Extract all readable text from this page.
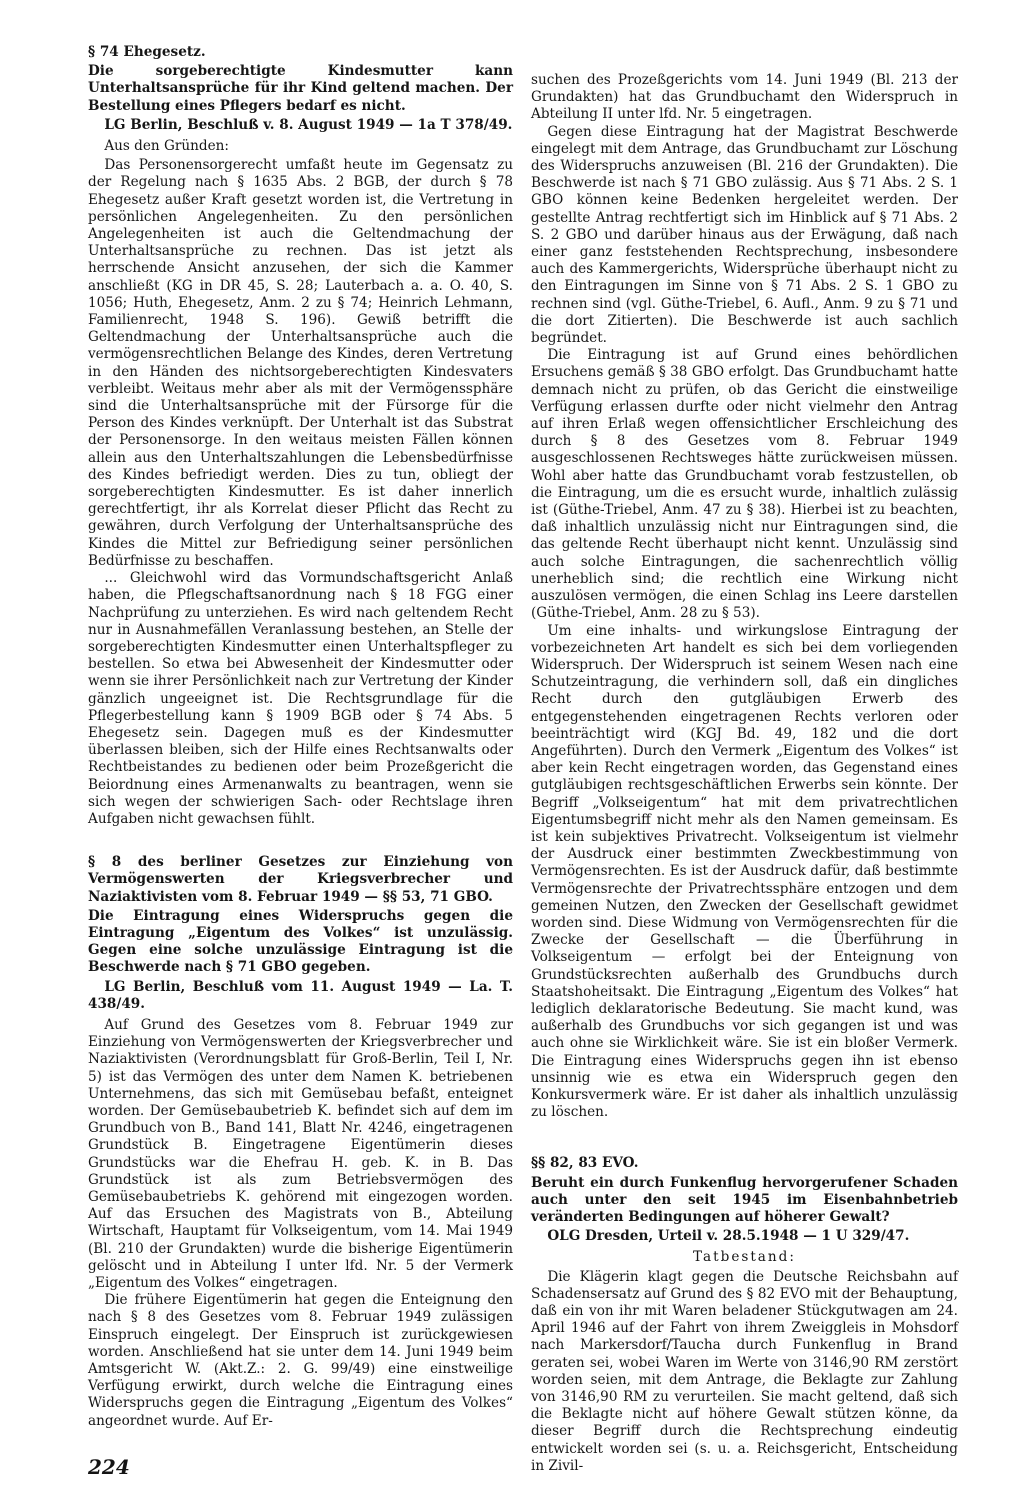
§ 74 Ehegesetz.

Die sorgeberechtigte Kindesmutter kann Unterhaltsansprüche für ihr Kind geltend machen. Der Bestellung eines Pflegers bedarf es nicht.

LG Berlin, Beschluß v. 8. August 1949 — 1a T 378/49.

Aus den Gründen:

Das Personensorgerecht umfaßt heute im Gegensatz zu der Regelung nach § 1635 Abs. 2 BGB, der durch § 78 Ehegesetz außer Kraft gesetzt worden ist, die Vertretung in persönlichen Angelegenheiten. Zu den persönlichen Angelegenheiten ist auch die Geltendmachung der Unterhaltsansprüche zu rechnen. Das ist jetzt als herrschende Ansicht anzusehen, der sich die Kammer anschließt (KG in DR 45, S. 28; Lauterbach a. a. O. 40, S. 1056; Huth, Ehegesetz, Anm. 2 zu § 74; Heinrich Lehmann, Familienrecht, 1948 S. 196). Gewiß betrifft die Geltendmachung der Unterhaltsansprüche auch die vermögensrechtlichen Belange des Kindes, deren Vertretung in den Händen des nichtsorgeberechtigten Kindesvaters verbleibt. Weitaus mehr aber als mit der Vermögenssphäre sind die Unterhaltsansprüche mit der Fürsorge für die Person des Kindes verknüpft. Der Unterhalt ist das Substrat der Personensorge. In den weitaus meisten Fällen können allein aus den Unterhaltszahlungen die Lebensbedürfnisse des Kindes befriedigt werden. Dies zu tun, obliegt der sorgeberechtigten Kindesmutter. Es ist daher innerlich gerechtfertigt, ihr als Korrelat dieser Pflicht das Recht zu gewähren, durch Verfolgung der Unterhaltsansprüche des Kindes die Mittel zur Befriedigung seiner persönlichen Bedürfnisse zu beschaffen.

... Gleichwohl wird das Vormundschaftsgericht Anlaß haben, die Pflegschaftsanordnung nach § 18 FGG einer Nachprüfung zu unterziehen. Es wird nach geltendem Recht nur in Ausnahmefällen Veranlassung bestehen, an Stelle der sorgeberechtigten Kindesmutter einen Unterhaltspfleger zu bestellen. So etwa bei Abwesenheit der Kindesmutter oder wenn sie ihrer Persönlichkeit nach zur Vertretung der Kinder gänzlich ungeeignet ist. Die Rechtsgrundlage für die Pflegerbestellung kann § 1909 BGB oder § 74 Abs. 5 Ehegesetz sein. Dagegen muß es der Kindesmutter überlassen bleiben, sich der Hilfe eines Rechtsanwalts oder Rechtbeistandes zu bedienen oder beim Prozeßgericht die Beiordnung eines Armenanwalts zu beantragen, wenn sie sich wegen der schwierigen Sach- oder Rechtslage ihren Aufgaben nicht gewachsen fühlt.

§ 8 des berliner Gesetzes zur Einziehung von Vermögenswerten der Kriegsverbrecher und Naziaktivisten vom 8. Februar 1949 — §§ 53, 71 GBO.

Die Eintragung eines Widerspruchs gegen die Eintragung „Eigentum des Volkes“ ist unzulässig. Gegen eine solche unzulässige Eintragung ist die Beschwerde nach § 71 GBO gegeben.

LG Berlin, Beschluß vom 11. August 1949 — La. T. 438/49.

Auf Grund des Gesetzes vom 8. Februar 1949 zur Einziehung von Vermögenswerten der Kriegsverbrecher und Naziaktivisten (Verordnungsblatt für Groß-Berlin, Teil I, Nr. 5) ist das Vermögen des unter dem Namen K. betriebenen Unternehmens, das sich mit Gemüsebau befaßt, enteignet worden. Der Gemüsebaubetrieb K. befindet sich auf dem im Grundbuch von B., Band 141, Blatt Nr. 4246, eingetragenen Grundstück B. Eingetragene Eigentümerin dieses Grundstücks war die Ehefrau H. geb. K. in B. Das Grundstück ist als zum Betriebsvermögen des Gemüsebaubetriebs K. gehörend mit eingezogen worden. Auf das Ersuchen des Magistrats von B., Abteilung Wirtschaft, Hauptamt für Volkseigentum, vom 14. Mai 1949 (Bl. 210 der Grundakten) wurde die bisherige Eigentümerin gelöscht und in Abteilung I unter lfd. Nr. 5 der Vermerk „Eigentum des Volkes“ eingetragen.

Die frühere Eigentümerin hat gegen die Enteignung den nach § 8 des Gesetzes vom 8. Februar 1949 zulässigen Einspruch eingelegt. Der Einspruch ist zurückgewiesen worden. Anschließend hat sie unter dem 14. Juni 1949 beim Amtsgericht W. (Akt.Z.: 2. G. 99/49) eine einstweilige Verfügung erwirkt, durch welche die Eintragung eines Widerspruchs gegen die Eintragung „Eigentum des Volkes“ angeordnet wurde. Auf Er-

suchen des Prozeßgerichts vom 14. Juni 1949 (Bl. 213 der Grundakten) hat das Grundbuchamt den Widerspruch in Abteilung II unter lfd. Nr. 5 eingetragen.

Gegen diese Eintragung hat der Magistrat Beschwerde eingelegt mit dem Antrage, das Grundbuchamt zur Löschung des Widerspruchs anzuweisen (Bl. 216 der Grundakten). Die Beschwerde ist nach § 71 GBO zulässig. Aus § 71 Abs. 2 S. 1 GBO können keine Bedenken hergeleitet werden. Der gestellte Antrag rechtfertigt sich im Hinblick auf § 71 Abs. 2 S. 2 GBO und darüber hinaus aus der Erwägung, daß nach einer ganz feststehenden Rechtsprechung, insbesondere auch des Kammergerichts, Widersprüche überhaupt nicht zu den Eintragungen im Sinne von § 71 Abs. 2 S. 1 GBO zu rechnen sind (vgl. Güthe-Triebel, 6. Aufl., Anm. 9 zu § 71 und die dort Zitierten). Die Beschwerde ist auch sachlich begründet.

Die Eintragung ist auf Grund eines behördlichen Ersuchens gemäß § 38 GBO erfolgt. Das Grundbuchamt hatte demnach nicht zu prüfen, ob das Gericht die einstweilige Verfügung erlassen durfte oder nicht vielmehr den Antrag auf ihren Erlaß wegen offensichtlicher Erschleichung des durch § 8 des Gesetzes vom 8. Februar 1949 ausgeschlossenen Rechtsweges hätte zurückweisen müssen. Wohl aber hatte das Grundbuchamt vorab festzustellen, ob die Eintragung, um die es ersucht wurde, inhaltlich zulässig ist (Güthe-Triebel, Anm. 47 zu § 38). Hierbei ist zu beachten, daß inhaltlich unzulässig nicht nur Eintragungen sind, die das geltende Recht überhaupt nicht kennt. Unzulässig sind auch solche Eintragungen, die sachenrechtlich völlig unerheblich sind; die rechtlich eine Wirkung nicht auszulösen vermögen, die einen Schlag ins Leere darstellen (Güthe-Triebel, Anm. 28 zu § 53).

Um eine inhalts- und wirkungslose Eintragung der vorbezeichneten Art handelt es sich bei dem vorliegenden Widerspruch. Der Widerspruch ist seinem Wesen nach eine Schutzeintragung, die verhindern soll, daß ein dingliches Recht durch den gutgläubigen Erwerb des entgegenstehenden eingetragenen Rechts verloren oder beeinträchtigt wird (KGJ Bd. 49, 182 und die dort Angeführten). Durch den Vermerk „Eigentum des Volkes“ ist aber kein Recht eingetragen worden, das Gegenstand eines gutgläubigen rechtsgeschäftlichen Erwerbs sein könnte. Der Begriff „Volkseigentum“ hat mit dem privatrechtlichen Eigentumsbegriff nicht mehr als den Namen gemeinsam. Es ist kein subjektives Privatrecht. Volkseigentum ist vielmehr der Ausdruck einer bestimmten Zweckbestimmung von Vermögensrechten. Es ist der Ausdruck dafür, daß bestimmte Vermögensrechte der Privatrechtssphäre entzogen und dem gemeinen Nutzen, den Zwecken der Gesellschaft gewidmet worden sind. Diese Widmung von Vermögensrechten für die Zwecke der Gesellschaft — die Überführung in Volkseigentum — erfolgt bei der Enteignung von Grundstücksrechten außerhalb des Grundbuchs durch Staatshoheitsakt. Die Eintragung „Eigentum des Volkes“ hat lediglich deklaratorische Bedeutung. Sie macht kund, was außerhalb des Grundbuchs vor sich gegangen ist und was auch ohne sie Wirklichkeit wäre. Sie ist ein bloßer Vermerk. Die Eintragung eines Widerspruchs gegen ihn ist ebenso unsinnig wie es etwa ein Widerspruch gegen den Konkursvermerk wäre. Er ist daher als inhaltlich unzulässig zu löschen.

§§ 82, 83 EVO.

Beruht ein durch Funkenflug hervorgerufener Schaden auch unter den seit 1945 im Eisenbahnbetrieb veränderten Bedingungen auf höherer Gewalt?

OLG Dresden, Urteil v. 28.5.1948 — 1 U 329/47.

Tatbestand:

Die Klägerin klagt gegen die Deutsche Reichsbahn auf Schadensersatz auf Grund des § 82 EVO mit der Behauptung, daß ein von ihr mit Waren beladener Stückgutwagen am 24. April 1946 auf der Fahrt von ihrem Zweiggleis in Mohsdorf nach Markersdorf/Taucha durch Funkenflug in Brand geraten sei, wobei Waren im Werte von 3146,90 RM zerstört worden seien, mit dem Antrage, die Beklagte zur Zahlung von 3146,90 RM zu verurteilen. Sie macht geltend, daß sich die Beklagte nicht auf höhere Gewalt stützen könne, da dieser Begriff durch die Rechtsprechung eindeutig entwickelt worden sei (s. u. a. Reichsgericht, Entscheidung in Zivil-

224
